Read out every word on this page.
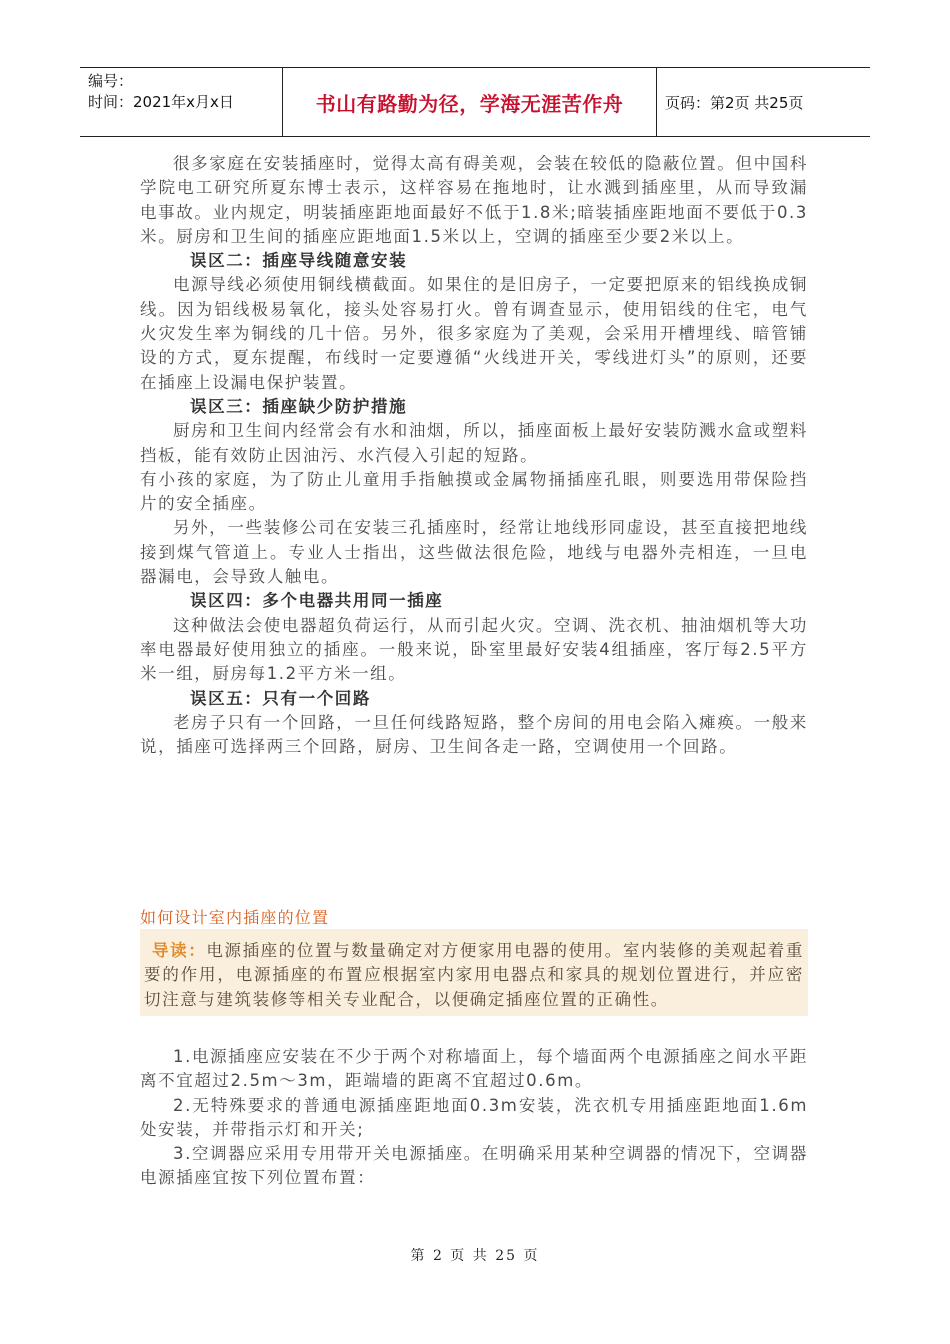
编号：
时间：2021年x月x日	书山有路勤为径，学海无涯苦作舟	页码：第2页 共25页

很多家庭在安装插座时，觉得太高有碍美观，会装在较低的隐蔽位置。但中国科学院电工研究所夏东博士表示，这样容易在拖地时，让水溅到插座里，从而导致漏电事故。业内规定，明装插座距地面最好不低于1.8米;暗装插座距地面不要低于0.3米。厨房和卫生间的插座应距地面1.5米以上，空调的插座至少要2米以上。

误区二：插座导线随意安装

电源导线必须使用铜线横截面。如果住的是旧房子，一定要把原来的铝线换成铜线。因为铝线极易氧化，接头处容易打火。曾有调查显示，使用铝线的住宅，电气火灾发生率为铜线的几十倍。另外，很多家庭为了美观，会采用开槽埋线、暗管铺设的方式，夏东提醒，布线时一定要遵循“火线进开关，零线进灯头”的原则，还要在插座上设漏电保护装置。

误区三：插座缺少防护措施

厨房和卫生间内经常会有水和油烟，所以，插座面板上最好安装防溅水盒或塑料挡板，能有效防止因油污、水汽侵入引起的短路。

有小孩的家庭，为了防止儿童用手指触摸或金属物捅插座孔眼，则要选用带保险挡片的安全插座。

另外，一些装修公司在安装三孔插座时，经常让地线形同虚设，甚至直接把地线接到煤气管道上。专业人士指出，这些做法很危险，地线与电器外壳相连，一旦电器漏电，会导致人触电。

误区四：多个电器共用同一插座

这种做法会使电器超负荷运行，从而引起火灾。空调、洗衣机、抽油烟机等大功率电器最好使用独立的插座。一般来说，卧室里最好安装4组插座，客厅每2.5平方米一组，厨房每1.2平方米一组。

误区五：只有一个回路

老房子只有一个回路，一旦任何线路短路，整个房间的用电会陷入瘫痪。一般来说，插座可选择两三个回路，厨房、卫生间各走一路，空调使用一个回路。

如何设计室内插座的位置

导读：电源插座的位置与数量确定对方便家用电器的使用。室内装修的美观起着重要的作用，电源插座的布置应根据室内家用电器点和家具的规划位置进行，并应密切注意与建筑装修等相关专业配合，以便确定插座位置的正确性。

1.电源插座应安装在不少于两个对称墙面上，每个墙面两个电源插座之间水平距离不宜超过2.5m～3m，距端墙的距离不宜超过0.6m。

2.无特殊要求的普通电源插座距地面0.3m安装，洗衣机专用插座距地面1.6m处安装，并带指示灯和开关;

3.空调器应采用专用带开关电源插座。在明确采用某种空调器的情况下，空调器电源插座宜按下列位置布置：

第 2 页 共 25 页
